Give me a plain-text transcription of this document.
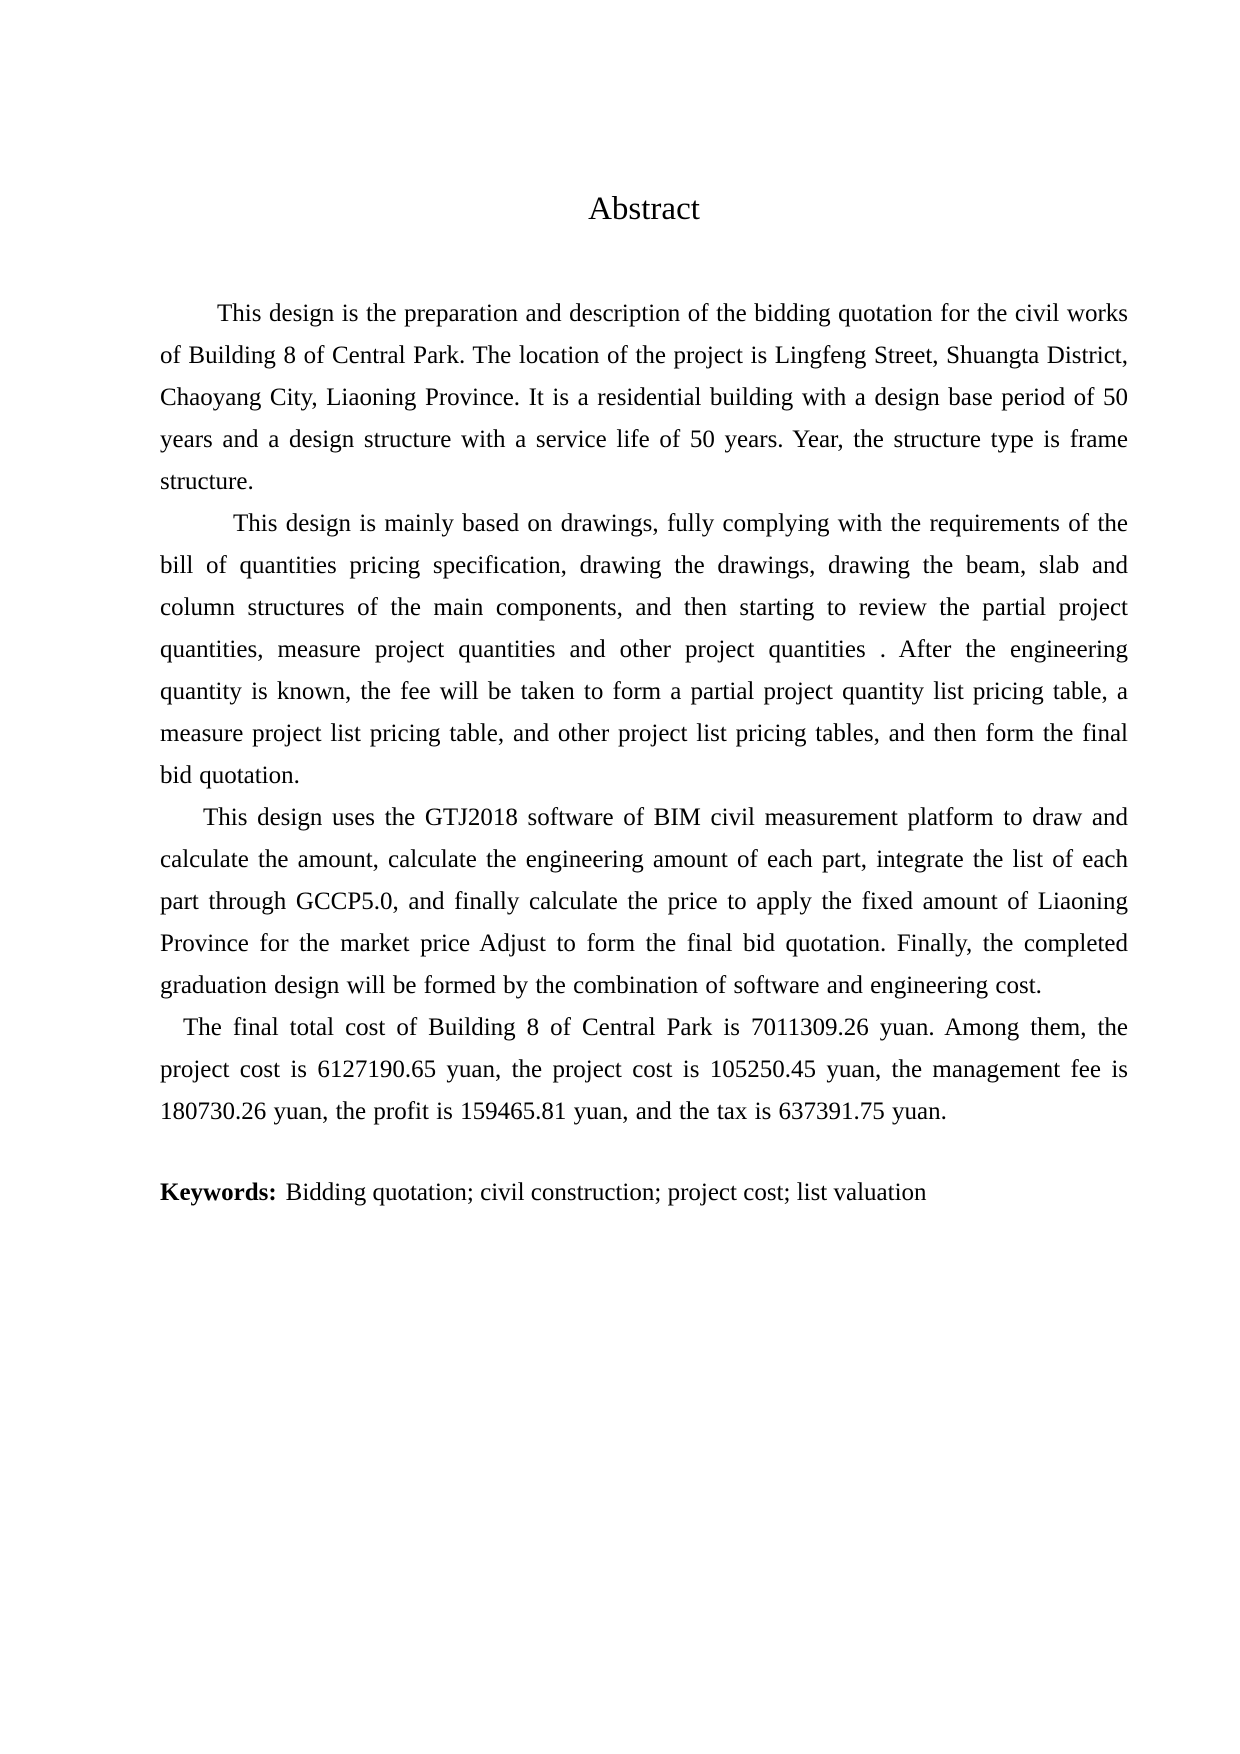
Abstract

This design is the preparation and description of the bidding quotation for the civil works of Building 8 of Central Park. The location of the project is Lingfeng Street, Shuangta District, Chaoyang City, Liaoning Province. It is a residential building with a design base period of 50 years and a design structure with a service life of 50 years. Year, the structure type is frame structure.

This design is mainly based on drawings, fully complying with the requirements of the bill of quantities pricing specification, drawing the drawings, drawing the beam, slab and column structures of the main components, and then starting to review the partial project quantities, measure project quantities and other project quantities . After the engineering quantity is known, the fee will be taken to form a partial project quantity list pricing table, a measure project list pricing table, and other project list pricing tables, and then form the final bid quotation.

This design uses the GTJ2018 software of BIM civil measurement platform to draw and calculate the amount, calculate the engineering amount of each part, integrate the list of each part through GCCP5.0, and finally calculate the price to apply the fixed amount of Liaoning Province for the market price Adjust to form the final bid quotation. Finally, the completed graduation design will be formed by the combination of software and engineering cost.

The final total cost of Building 8 of Central Park is 7011309.26 yuan. Among them, the project cost is 6127190.65 yuan, the project cost is 105250.45 yuan, the management fee is 180730.26 yuan, the profit is 159465.81 yuan, and the tax is 637391.75 yuan.

Keywords: Bidding quotation; civil construction; project cost; list valuation
